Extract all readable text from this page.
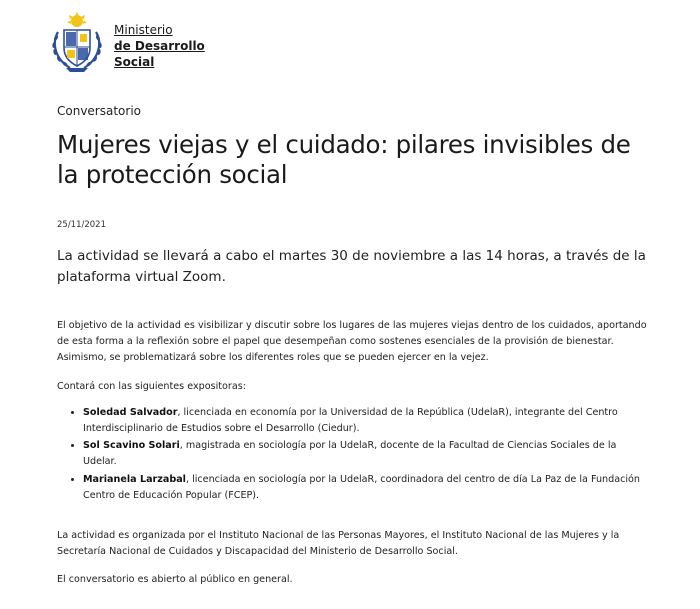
Ministerio
de Desarrollo
Social

Conversatorio

Mujeres viejas y el cuidado: pilares invisibles de la protección social
25/11/2021
La actividad se llevará a cabo el martes 30 de noviembre a las 14 horas, a través de la plataforma virtual Zoom.
El objetivo de la actividad es visibilizar y discutir sobre los lugares de las mujeres viejas dentro de los cuidados, aportando de esta forma a la reflexión sobre el papel que desempeñan como sostenes esenciales de la provisión de bienestar. Asimismo, se problematizará sobre los diferentes roles que se pueden ejercer en la vejez.
Contará con las siguientes expositoras:
• Soledad Salvador, licenciada en economía por la Universidad de la República (UdelaR), integrante del Centro Interdisciplinario de Estudios sobre el Desarrollo (Ciedur).
• Sol Scavino Solari, magistrada en sociología por la UdelaR, docente de la Facultad de Ciencias Sociales de la Udelar.
• Marianela Larzabal, licenciada en sociología por la UdelaR, coordinadora del centro de día La Paz de la Fundación Centro de Educación Popular (FCEP).
La actividad es organizada por el Instituto Nacional de las Personas Mayores, el Instituto Nacional de las Mujeres y la Secretaría Nacional de Cuidados y Discapacidad del Ministerio de Desarrollo Social.
El conversatorio es abierto al público en general.
